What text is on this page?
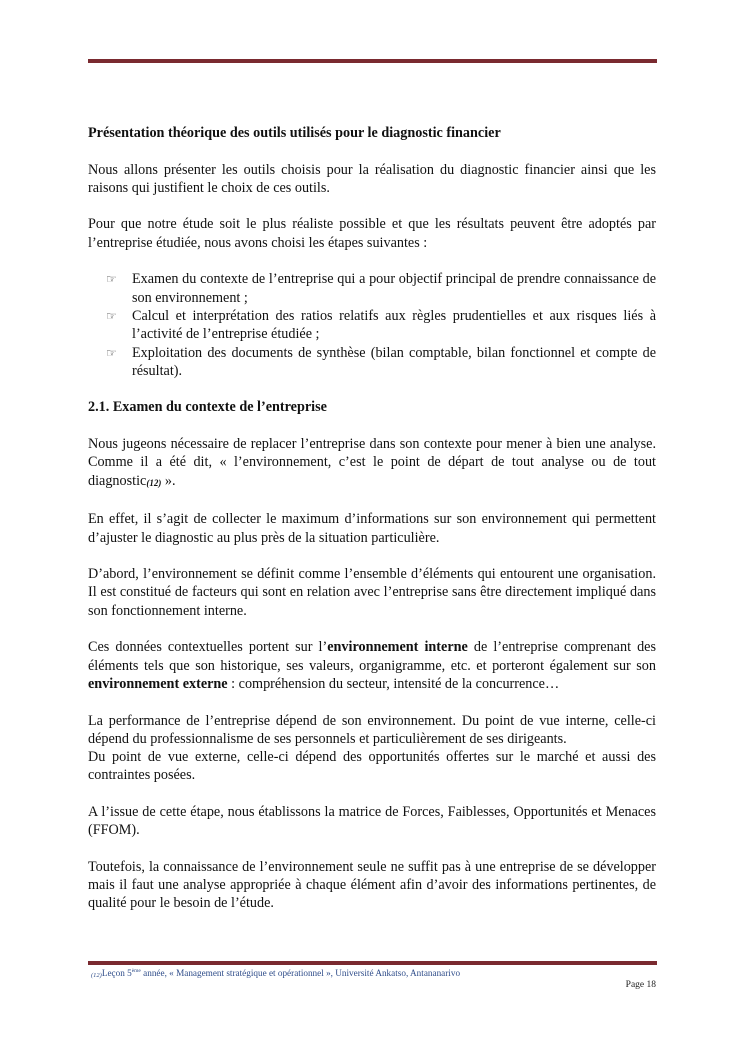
Présentation théorique des outils utilisés pour le diagnostic financier

Nous allons présenter les outils choisis pour la réalisation du diagnostic financier ainsi que les raisons qui justifient le choix de ces outils.

Pour que notre étude soit le plus réaliste possible et que les résultats peuvent être adoptés par l’entreprise étudiée, nous avons choisi les étapes suivantes :

☞	Examen du contexte de l’entreprise qui a pour objectif principal de prendre connaissance de son environnement ;
☞	Calcul et interprétation des ratios relatifs aux règles prudentielles et aux risques liés à l’activité de l’entreprise étudiée ;
☞	Exploitation des documents de synthèse (bilan comptable, bilan fonctionnel et compte de résultat).
2.1. Examen du contexte de l’entreprise

Nous jugeons nécessaire de replacer l’entreprise dans son contexte pour mener à bien une analyse. Comme il a été dit, « l’environnement, c’est le point de départ de tout analyse ou de tout diagnostic(12) ».

En effet, il s’agit de collecter le maximum d’informations sur son environnement qui permettent d’ajuster le diagnostic au plus près de la situation particulière.

D’abord, l’environnement se définit comme l’ensemble d’éléments qui entourent une organisation. Il est constitué de facteurs qui sont en relation avec l’entreprise sans être directement impliqué dans son fonctionnement interne.

Ces données contextuelles portent sur l’environnement interne de l’entreprise comprenant des éléments tels que son historique, ses valeurs, organigramme, etc. et porteront également sur son environnement externe : compréhension du secteur, intensité de la concurrence…

La performance de l’entreprise dépend de son environnement. Du point de vue interne, celle-ci dépend du professionnalisme de ses personnels et particulièrement de ses dirigeants.
Du point de vue externe, celle-ci dépend des opportunités offertes sur le marché et aussi des contraintes posées.

A l’issue de cette étape, nous établissons la matrice de Forces, Faiblesses, Opportunités et Menaces (FFOM).

Toutefois, la connaissance de l’environnement seule ne suffit pas à une entreprise de se développer mais il faut une analyse appropriée à chaque élément afin d’avoir des informations pertinentes, de qualité pour le besoin de l’étude.

(12)Leçon 5ème année, « Management stratégique et opérationnel », Université Ankatso, Antananarivo
Page 18
